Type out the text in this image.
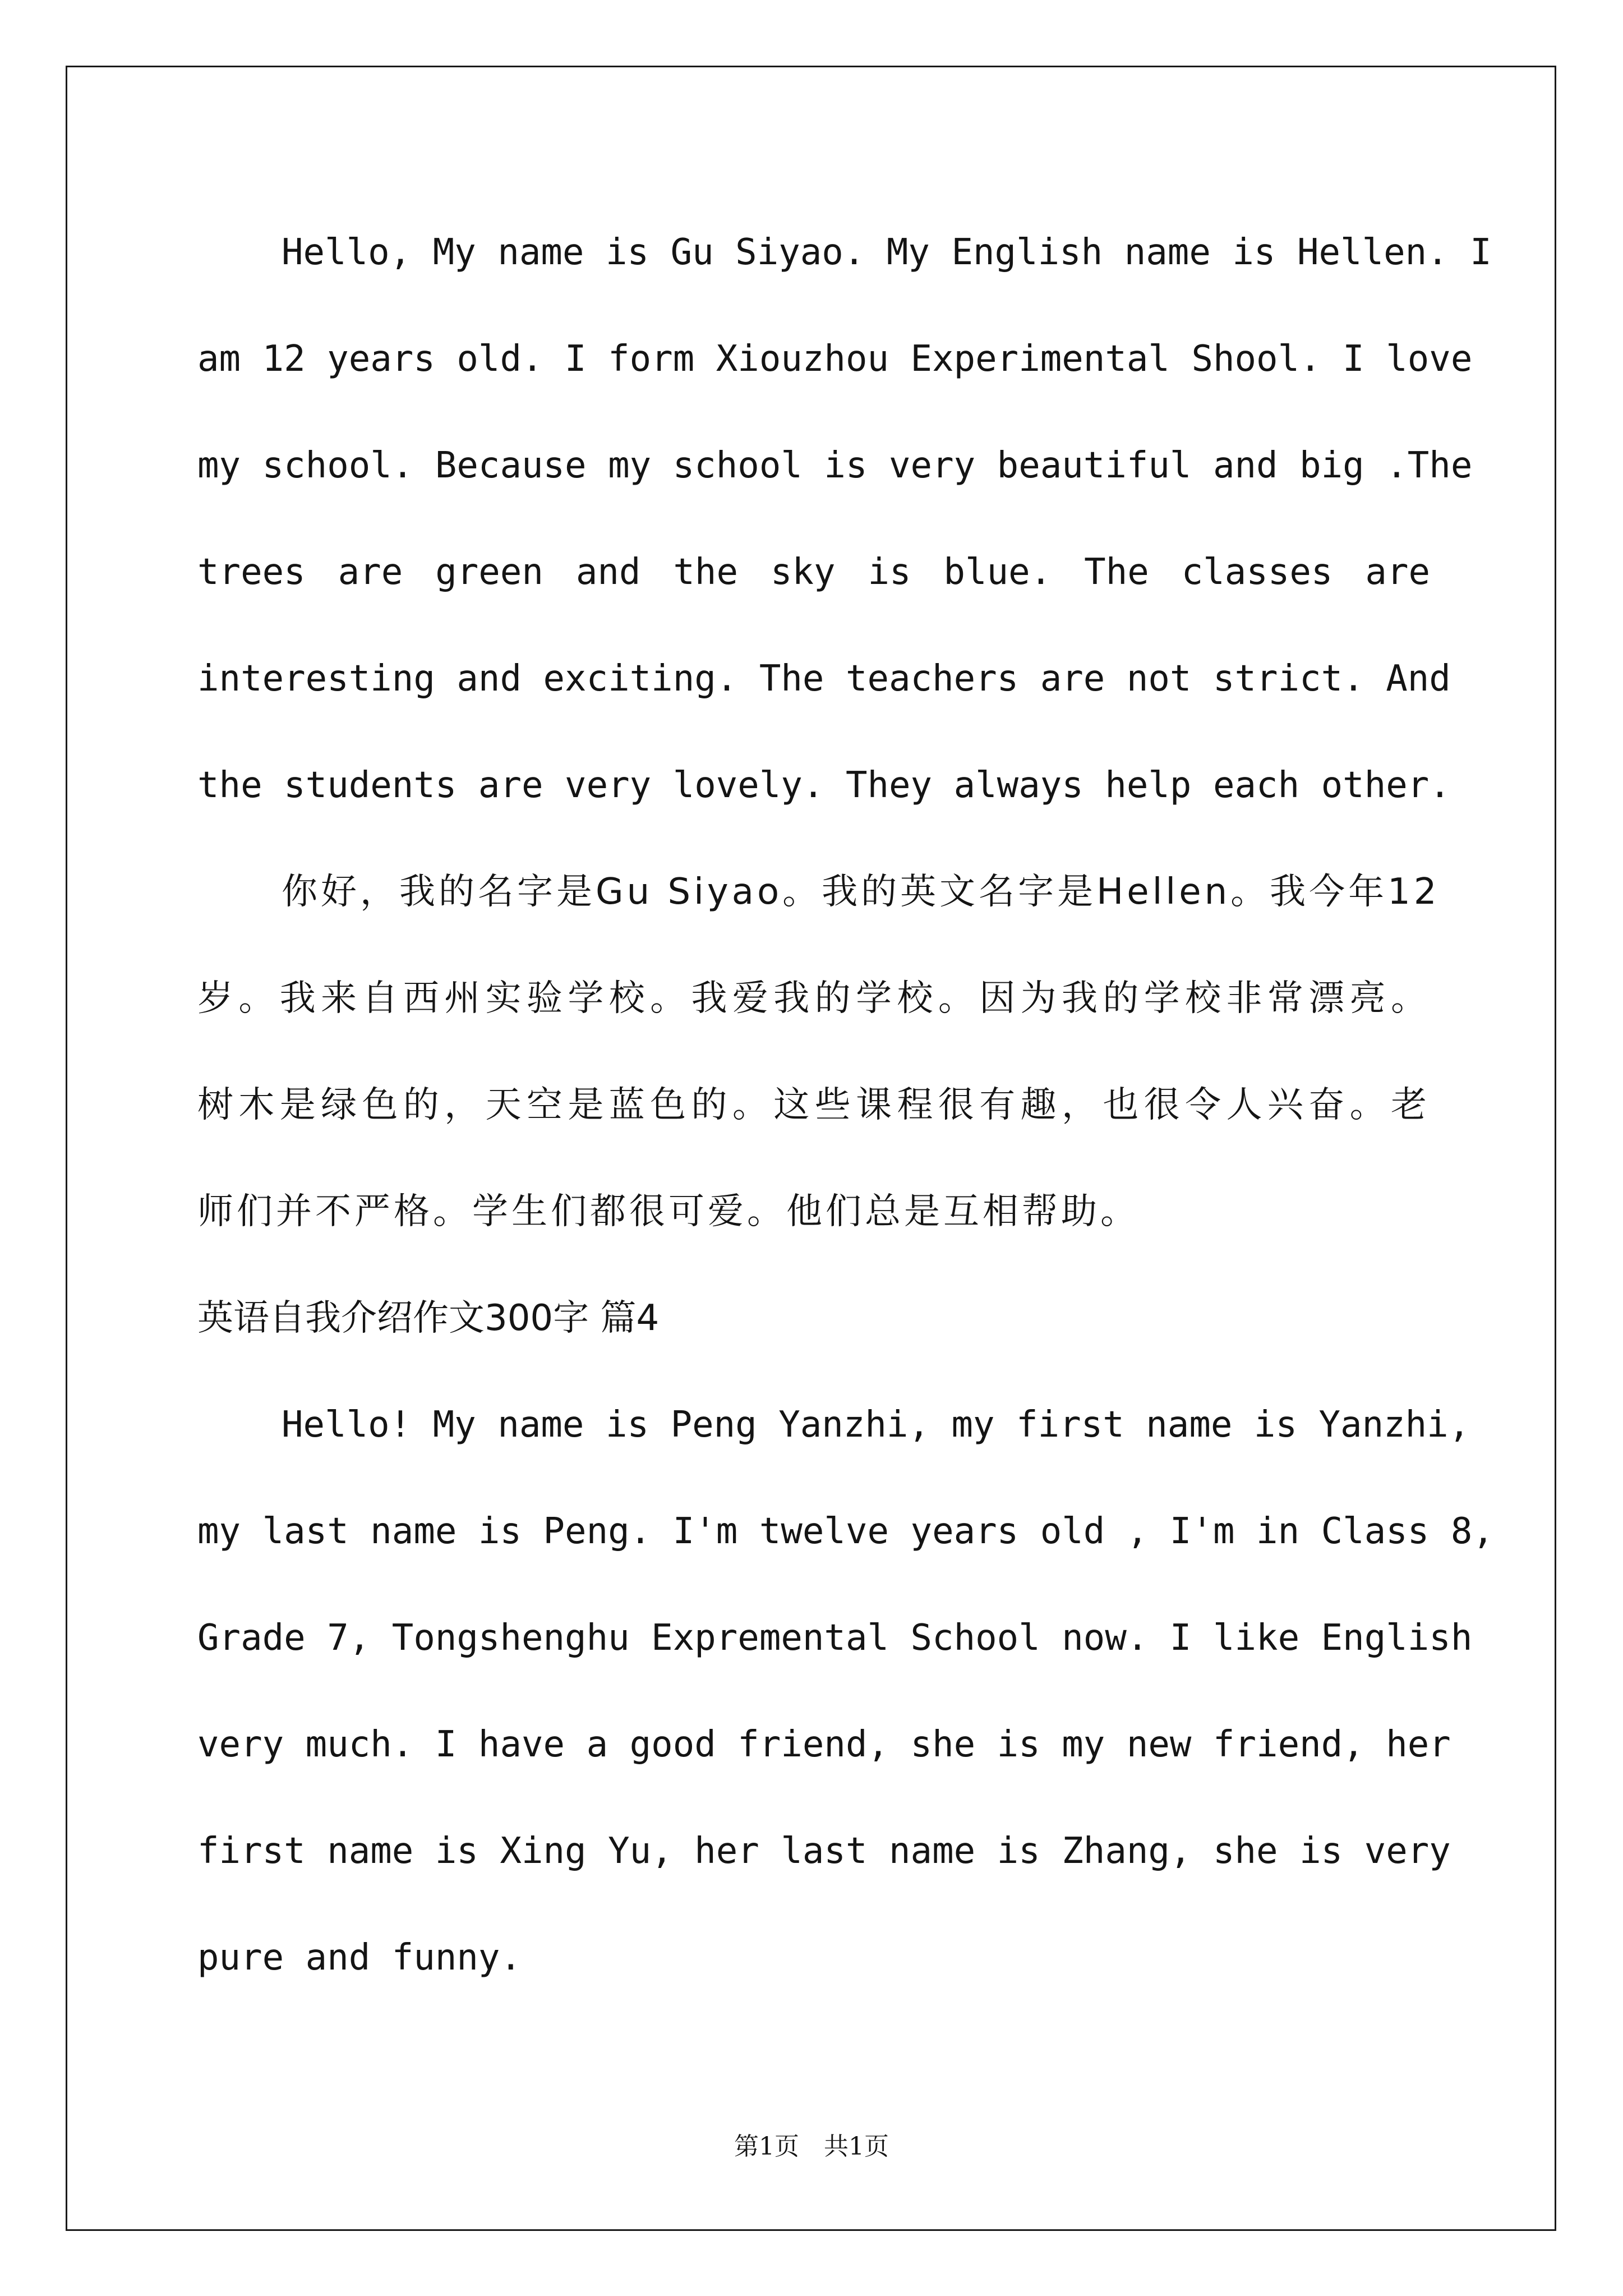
Hello, My name is Gu Siyao. My English name is Hellen. I
am 12 years old. I form Xiouzhou Experimental Shool. I love
my school. Because my school is very beautiful and big .The
trees are green and the sky is blue. The classes are
interesting and exciting. The teachers are not strict. And
the students are very lovely. They always help each other.
你好，我的名字是Gu Siyao。我的英文名字是Hellen。我今年12
岁。我来自西州实验学校。我爱我的学校。因为我的学校非常漂亮。
树木是绿色的，天空是蓝色的。这些课程很有趣，也很令人兴奋。老
师们并不严格。学生们都很可爱。他们总是互相帮助。
英语自我介绍作文300字 篇4
Hello! My name is Peng Yanzhi, my first name is Yanzhi,
my last name is Peng. I'm twelve years old , I'm in Class 8,
Grade 7, Tongshenghu Expremental School now. I like English
very much. I have a good friend, she is my new friend, her
first name is Xing Yu, her last name is Zhang, she is very
pure and funny.
第1页　共1页
